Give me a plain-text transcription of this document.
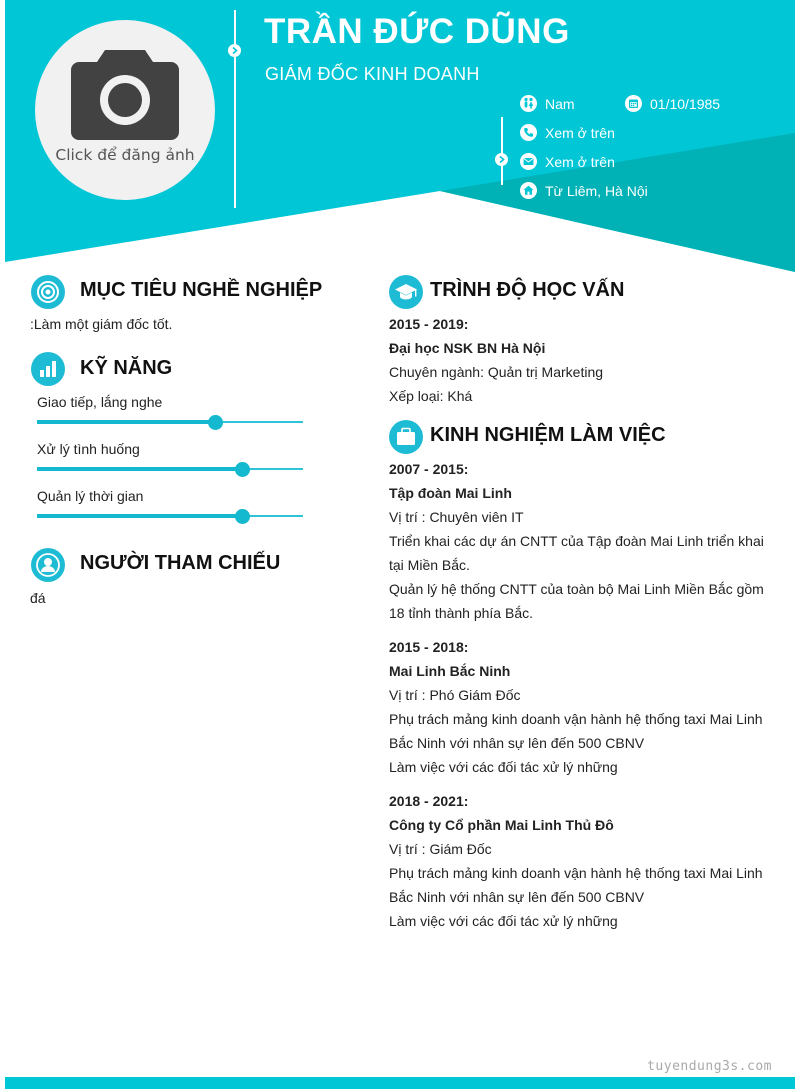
Click để đăng ảnh
TRẦN ĐỨC DŨNG
GIÁM ĐỐC KINH DOANH
Nam	01/10/1985
Xem ở trên
Xem ở trên
Từ Liêm, Hà Nội
MỤC TIÊU NGHỀ NGHIỆP
:Làm một giám đốc tốt.
KỸ NĂNG
Giao tiếp, lắng nghe
Xử lý tình huống
Quản lý thời gian
NGƯỜI THAM CHIẾU
đá
TRÌNH ĐỘ HỌC VẤN
2015 - 2019:
Đại học NSK BN Hà Nội
Chuyên ngành: Quản trị Marketing
Xếp loại: Khá
KINH NGHIỆM LÀM VIỆC
2007 - 2015:
Tập đoàn Mai Linh
Vị trí : Chuyên viên IT
Triển khai các dự án CNTT của Tập đoàn Mai Linh triển khai
tại Miền Bắc.
Quản lý hệ thống CNTT của toàn bộ Mai Linh Miền Bắc gồm
18 tỉnh thành phía Bắc.
2015 - 2018:
Mai Linh Bắc Ninh
Vị trí : Phó Giám Đốc
Phụ trách mảng kinh doanh vận hành hệ thống taxi Mai Linh
Bắc Ninh với nhân sự lên đến 500 CBNV
Làm việc với các đối tác xử lý những
2018 - 2021:
Công ty Cổ phần Mai Linh Thủ Đô
Vị trí : Giám Đốc
Phụ trách mảng kinh doanh vận hành hệ thống taxi Mai Linh
Bắc Ninh với nhân sự lên đến 500 CBNV
Làm việc với các đối tác xử lý những
tuyendung3s.com
